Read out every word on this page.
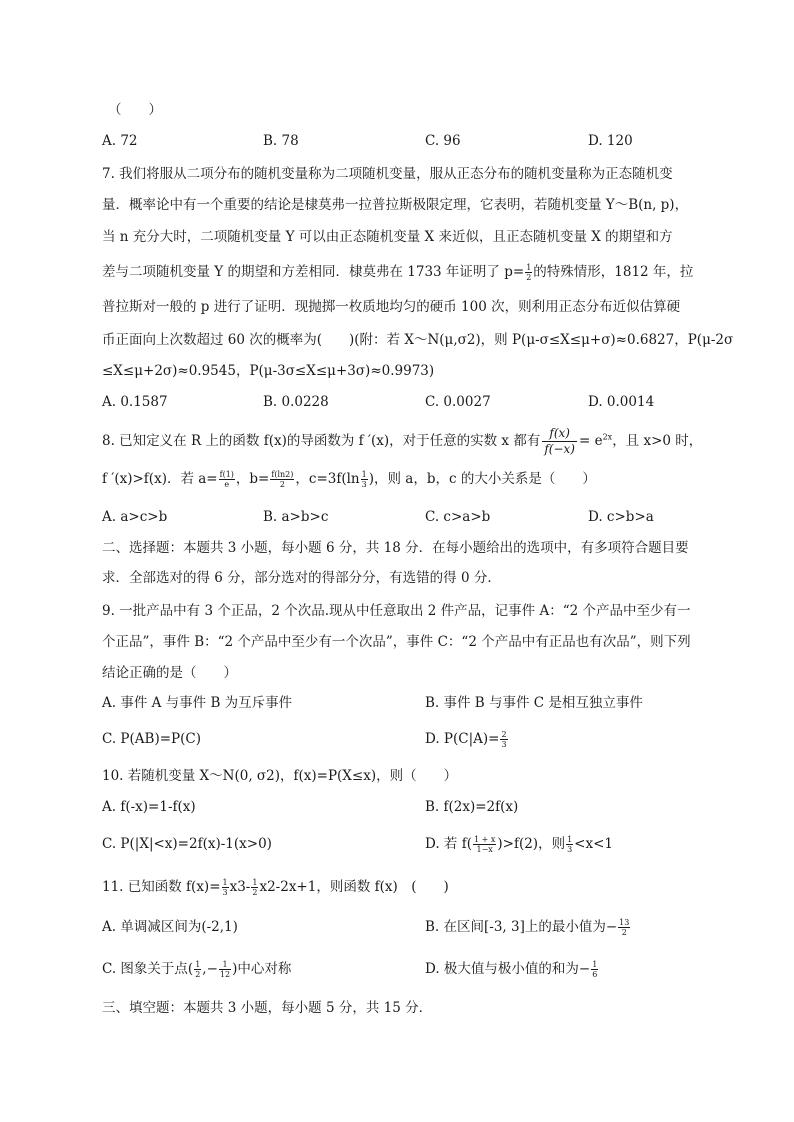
（　　）
A. 72	B. 78	C. 96	D. 120
7. 我们将服从二项分布的随机变量称为二项随机变量，服从正态分布的随机变量称为正态随机变
量．概率论中有一个重要的结论是棣莫弗一拉普拉斯极限定理，它表明，若随机变量 Y～B(n, p)，
当 n 充分大时，二项随机变量 Y 可以由正态随机变量 X 来近似，且正态随机变量 X 的期望和方
差与二项随机变量 Y 的期望和方差相同．棣莫弗在 1733 年证明了 $p= \frac{1}{2}$ 的特殊情形，1812 年，拉
普拉斯对一般的 p 进行了证明．现抛掷一枚质地均匀的硬币 100 次，则利用正态分布近似估算硬
币正面向上次数超过 60 次的概率为(　　)(附：若 X～N(μ,σ2)，则 P(μ-σ≤X≤μ+σ)≈0.6827，P(μ-2σ
≤X≤μ+2σ)≈0.9545，P(μ-3σ≤X≤μ+3σ)≈0.9973)
A. 0.1587	B. 0.0228	C. 0.0027	D. 0.0014
8. 已知定义在 R 上的函数 f(x)的导函数为 f ′(x)，对于任意的实数 x 都有 $\frac{f(x)}{f(-x)} = e^{2x}$，且 x>0 时，
f ′(x)>f(x)．若 $a= \frac{f(1)}{e}$ ，$b= \frac{f(\ln 2)}{2}$ ，$c=3f(\ln \frac{1}{3}$ )，则 a，b，c 的大小关系是（　　）
A. a>c>b	B. a>b>c	C. c>a>b	D. c>b>a
二、选择题：本题共 3 小题，每小题 6 分，共 18 分．在每小题给出的选项中，有多项符合题目要
求．全部选对的得 6 分，部分选对的得部分分，有选错的得 0 分．
9. 一批产品中有 3 个正品，2 个次品.现从中任意取出 2 件产品，记事件 A：“2 个产品中至少有一
个正品”，事件 B：“2 个产品中至少有一个次品”，事件 C：“2 个产品中有正品也有次品”，则下列
结论正确的是（　　）
A. 事件 A 与事件 B 为互斥事件	B. 事件 B 与事件 C 是相互独立事件
C. P(AB)=P(C)	D. $P(C|A)= \frac{2}{3}$
10. 若随机变量 X～N(0, σ2)，f(x)=P(X≤x)，则（　　）
A. f(-x)=1-f(x)	B. f(2x)=2f(x)
C. P(|X|<x)=2f(x)-1(x>0)	D. 若 $f( \frac{1 + x}{1-x} )>f(2)$，则 $\frac{1}{3} <x<1$
11. 已知函数 $f(x)= \frac{1}{3} x3- \frac{1}{2} x2-2x+1$，则函数 f(x)　(　　)
A. 单调减区间为(-2,1)	B. 在区间[-3, 3]上的最小值为− $\frac{13}{2}$
C. 图象关于点( $\frac{1}{2}$ ,− $\frac{1}{12}$ )中心对称	D. 极大值与极小值的和为− $\frac{1}{6}$
三、填空题：本题共 3 小题，每小题 5 分，共 15 分．
